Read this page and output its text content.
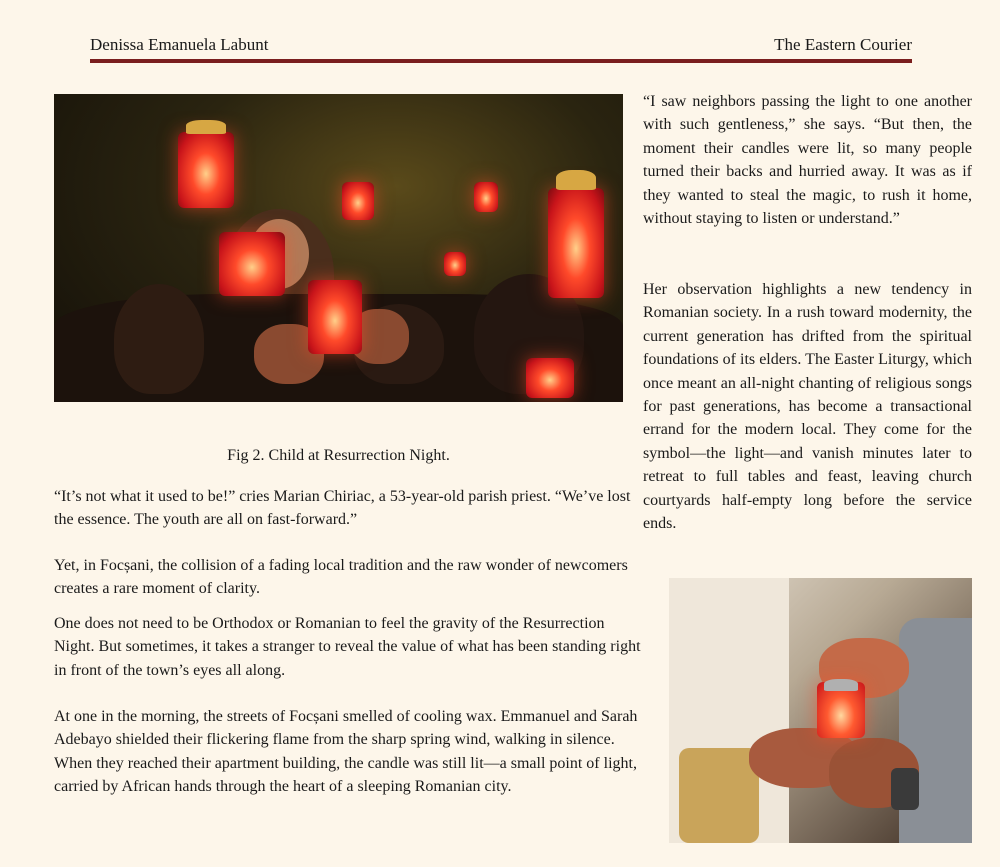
Denissa Emanuela Labunt	The Eastern Courier

Fig 2. Child at Resurrection Night.

“I saw neighbors passing the light to one another with such gentleness,” she says. “But then, the moment their candles were lit, so many people turned their backs and hurried away. It was as if they wanted to steal the magic, to rush it home, without staying to listen or understand.”

Her observation highlights a new tendency in Romanian society. In a rush toward modernity, the current generation has drifted from the spiritual foundations of its elders. The Easter Liturgy, which once meant an all-night chanting of religious songs for past generations, has become a transactional errand for the modern local. They come for the symbol—the light—and vanish minutes later to retreat to full tables and feast, leaving church courtyards half-empty long before the service ends.

“It’s not what it used to be!” cries Marian Chiriac, a 53-year-old parish priest. “We’ve lost the essence. The youth are all on fast-forward.”

Yet, in Focșani, the collision of a fading local tradition and the raw wonder of newcomers creates a rare moment of clarity.

One does not need to be Orthodox or Romanian to feel the gravity of the Resurrection Night. But sometimes, it takes a stranger to reveal the value of what has been standing right in front of the town’s eyes all along.

At one in the morning, the streets of Focșani smelled of cooling wax. Emmanuel and Sarah Adebayo shielded their flickering flame from the sharp spring wind, walking in silence. When they reached their apartment building, the candle was still lit—a small point of light, carried by African hands through the heart of a sleeping Romanian city.
